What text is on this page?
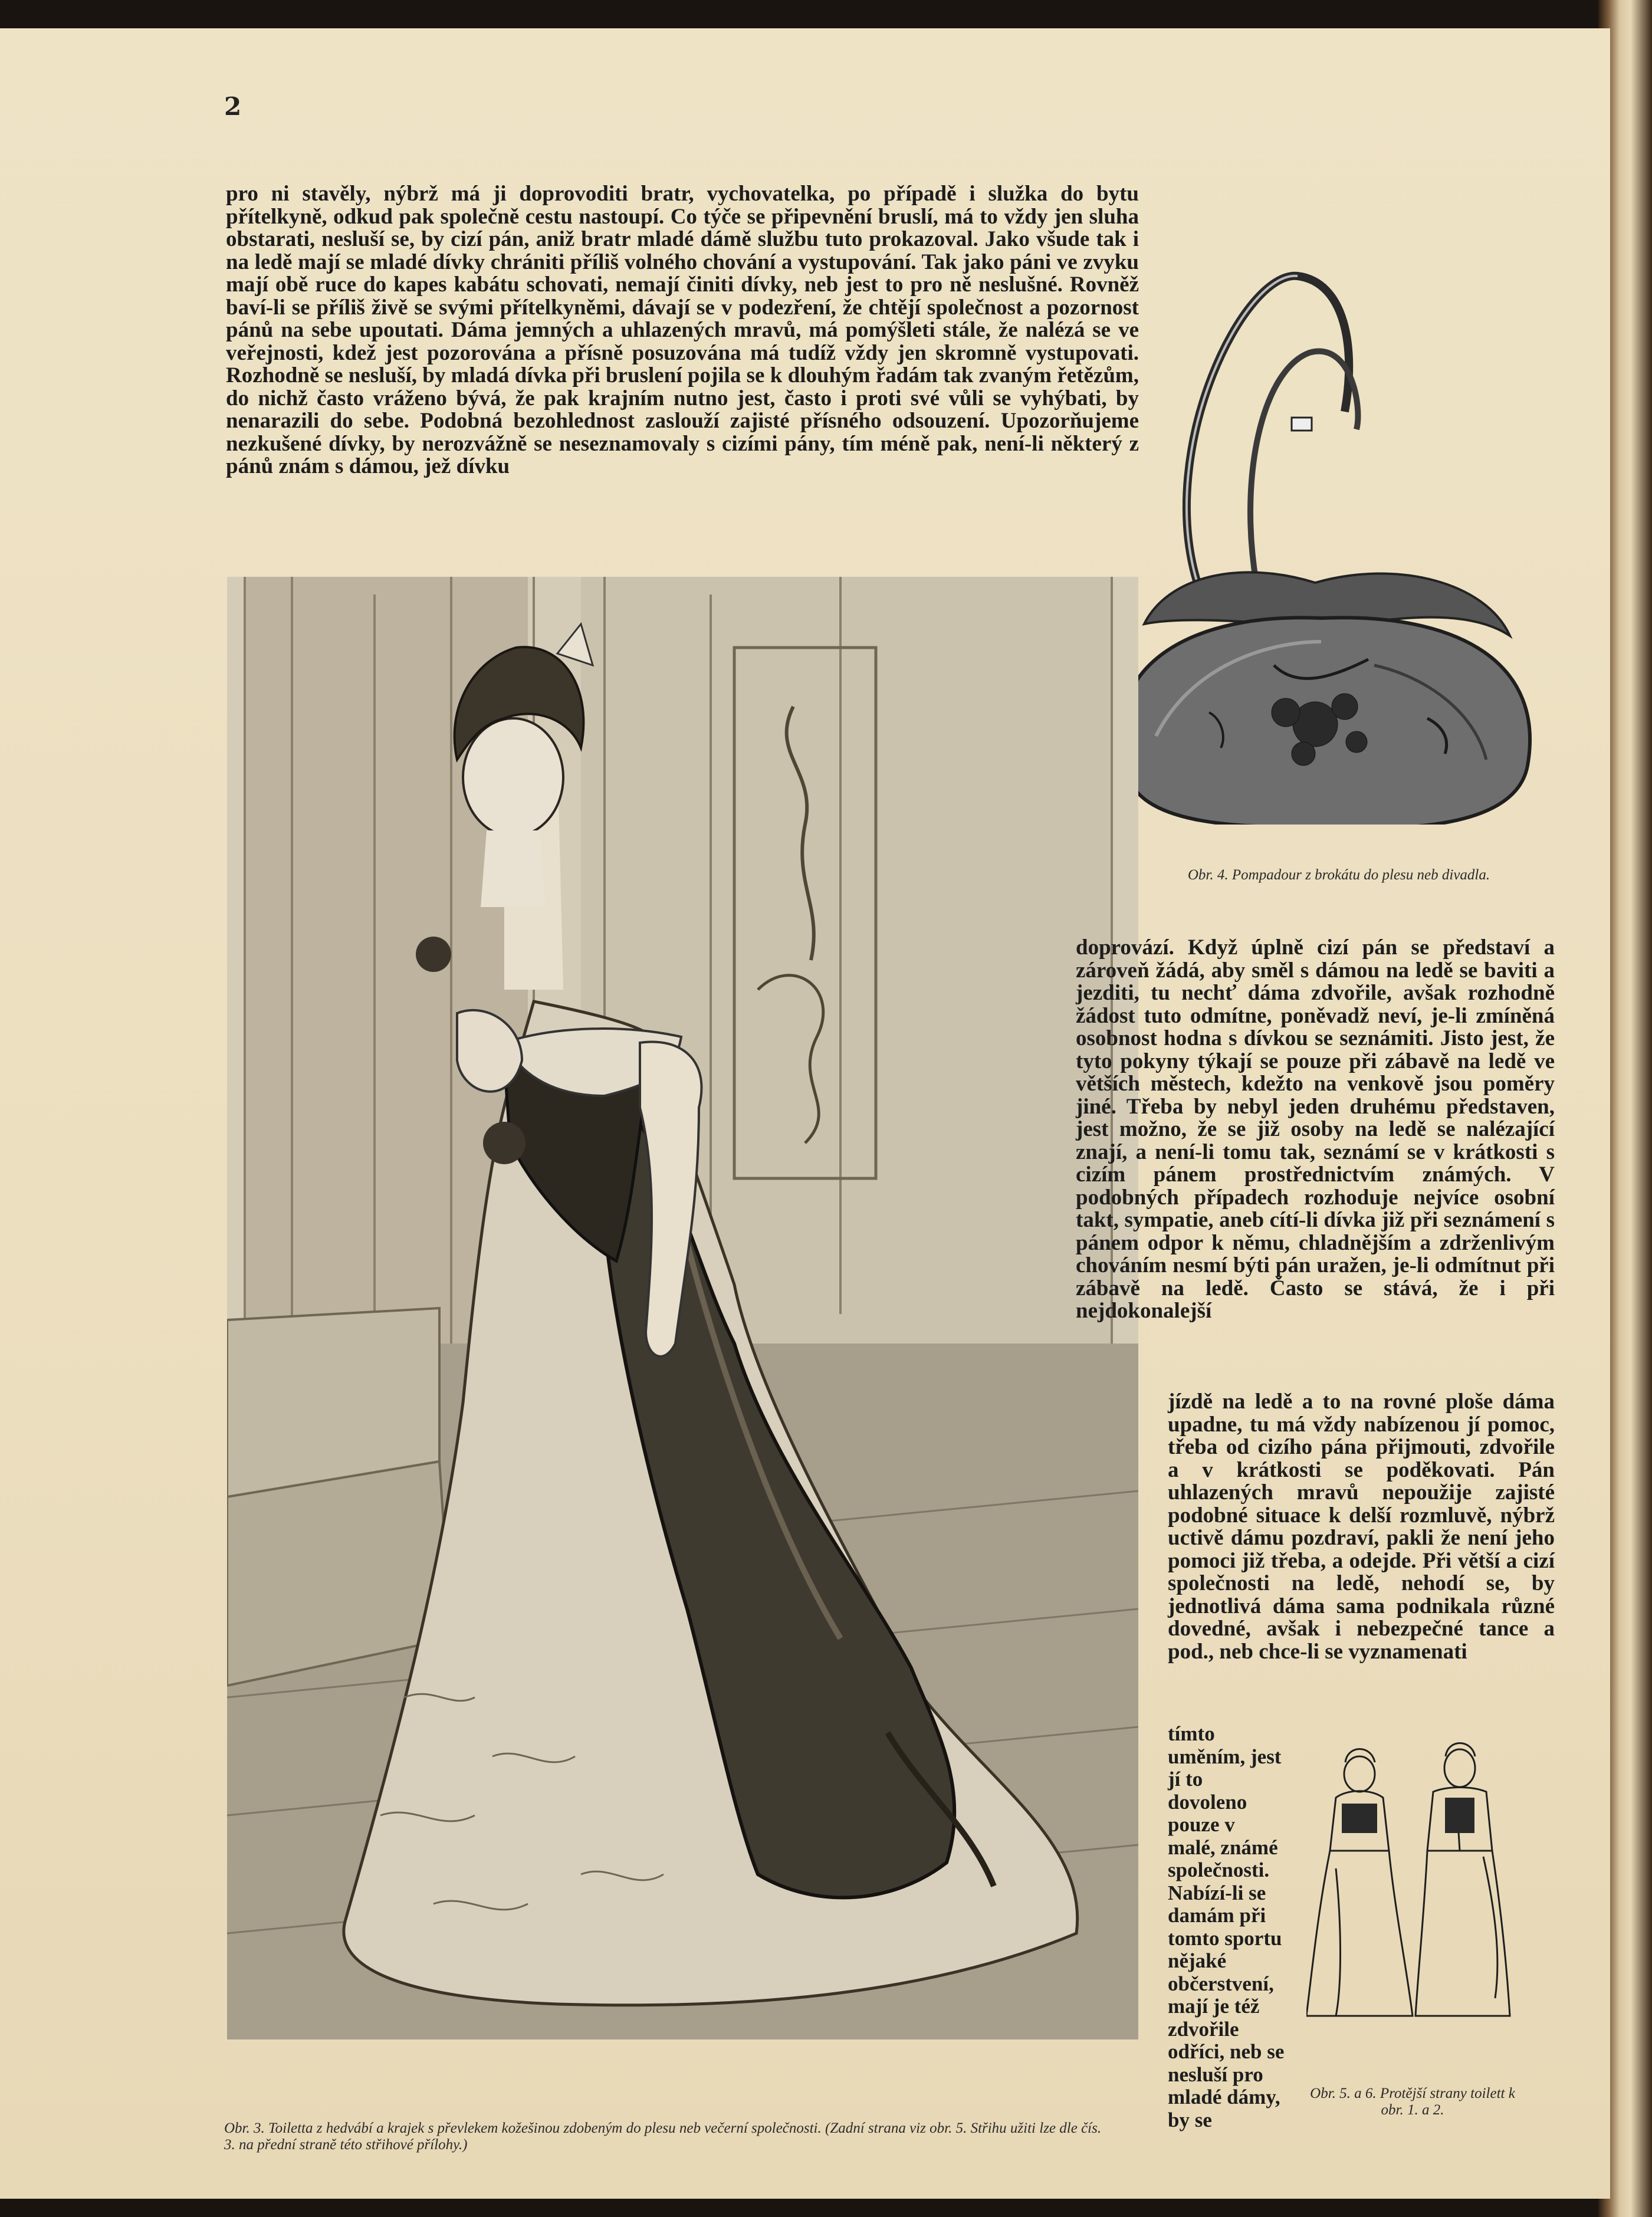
2

pro ni stavěly, nýbrž má ji doprovoditi bratr, vychovatelka, po případě i služka do bytu přítelkyně, odkud pak společně cestu nastoupí. Co týče se připevnění bruslí, má to vždy jen sluha obstarati, nesluší se, by cizí pán, aniž bratr mladé dámě službu tuto prokazoval. Jako všude tak i na ledě mají se mladé dívky chrániti příliš volného chování a vystupování. Tak jako páni ve zvyku mají obě ruce do kapes kabátu schovati, nemají činiti dívky, neb jest to pro ně neslušné. Rovněž baví-li se příliš živě se svými přítelkyněmi, dávají se v podezření, že chtějí společnost a pozornost pánů na sebe upoutati. Dáma jemných a uhlazených mravů, má pomýšleti stále, že nalézá se ve veřejnosti, kdež jest pozorována a přísně posuzována má tudíž vždy jen skromně vystupovati. Rozhodně se nesluší, by mladá dívka při bruslení pojila se k dlouhým řadám tak zvaným řetězům, do nichž často vráženo bývá, že pak krajním nutno jest, často i proti své vůli se vyhýbati, by nenarazili do sebe. Podobná bezohlednost zaslouží zajisté přísného odsouzení. Upozorňujeme nezkušené dívky, by nerozvážně se neseznamovaly s cizími pány, tím méně pak, není-li některý z pánů znám s dámou, jež dívku

Obr. 4. Pompadour z brokátu do plesu neb divadla.
Obr. 3. Toiletta z hedvábí a krajek s převlekem kožešinou zdobeným do plesu neb večerní společnosti. (Zadní strana viz obr. 5. Střihu užiti lze dle čís. 3. na přední straně této střihové přílohy.)

doprovází. Když úplně cizí pán se představí a zároveň žádá, aby směl s dámou na ledě se baviti a jezditi, tu nechť dáma zdvořile, avšak rozhodně žádost tuto odmítne, poněvadž neví, je-li zmíněná osobnost hodna s dívkou se seznámiti. Jisto jest, že tyto pokyny týkají se pouze při zábavě na ledě ve větších městech, kdežto na venkově jsou poměry jiné. Třeba by nebyl jeden druhému představen, jest možno, že se již osoby na ledě se nalézající znají, a není-li tomu tak, seznámí se v krátkosti s cizím pánem prostřednictvím známých. V podobných případech rozhoduje nejvíce osobní takt, sympatie, aneb cítí-li dívka již při seznámení s pánem odpor k němu, chladnějším a zdrženlivým chováním nesmí býti pán uražen, je-li odmítnut při zábavě na ledě. Často se stává, že i při nejdokonalejší

jízdě na ledě a to na rovné ploše dáma upadne, tu má vždy nabízenou jí pomoc, třeba od cizího pána přijmouti, zdvořile a v krátkosti se poděkovati. Pán uhlazených mravů nepoužije zajisté podobné situace k delší rozmluvě, nýbrž uctivě dámu pozdraví, pakli že není jeho pomoci již třeba, a odejde. Při větší a cizí společnosti na ledě, nehodí se, by jednotlivá dáma sama podnikala různé dovedné, avšak i nebezpečné tance a pod., neb chce-li se vyznamenati

tímto uměním, jest jí to dovoleno pouze v malé, známé společnosti. Nabízí-li se damám při tomto sportu nějaké občerstvení, mají je též zdvořile odříci, neb se nesluší pro mladé dámy, by se

Obr. 5. a 6. Protější strany toilett k obr. 1. a 2.
